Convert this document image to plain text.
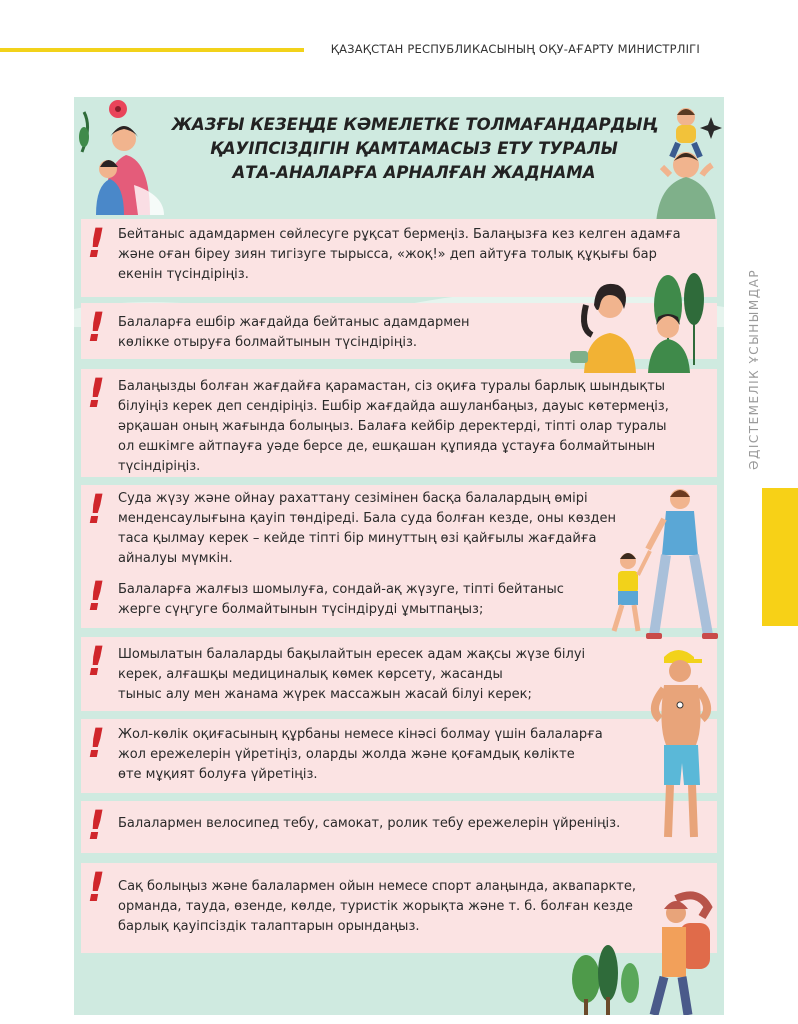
ҚАЗАҚСТАН РЕСПУБЛИКАСЫНЫҢ ОҚУ-АҒАРТУ МИНИСТРЛІГІ
ӘДІСТЕМЕЛІК ҰСЫНЫМДАР
ЖАЗҒЫ КЕЗЕҢДЕ КӘМЕЛЕТКЕ ТОЛМАҒАНДАРДЫҢ
ҚАУІПСІЗДІГІН ҚАМТАМАСЫЗ ЕТУ ТУРАЛЫ
АТА-АНАЛАРҒА АРНАЛҒАН ЖАДНАМА
! Бейтаныс адамдармен сөйлесуге рұқсат бермеңіз. Балаңызға кез келген адамға
және оған біреу зиян тигізуге тырысса, «жоқ!» деп айтуға толық құқығы бар
екенін түсіндіріңіз.
! Балаларға ешбір жағдайда бейтаныс адамдармен
көлікке отыруға болмайтынын түсіндіріңіз.
! Балаңызды болған жағдайға қарамастан, сіз оқиға туралы барлық шындықты
білуіңіз керек деп сендіріңіз. Ешбір жағдайда ашуланбаңыз, дауыс көтермеңіз,
әрқашан оның жағында болыңыз. Балаға кейбір деректерді, тіпті олар туралы
ол ешкімге айтпауға уәде берсе де, ешқашан құпияда ұстауға болмайтынын
түсіндіріңіз.
! Суда жүзу және ойнау рахаттану сезімінен басқа балалардың өмірі
менденсаулығына қауіп төндіреді. Бала суда болған кезде, оны көзден
таса қылмау керек – кейде тіпті бір минуттың өзі қайғылы жағдайға
айналуы мүмкін.
! Балаларға жалғыз шомылуға, сондай-ақ жүзуге, тіпті бейтаныс
жерге сүңгуге болмайтынын түсіндіруді ұмытпаңыз;
! Шомылатын балаларды бақылайтын ересек адам жақсы жүзе білуі
керек, алғашқы медициналық көмек көрсету, жасанды
тыныс алу мен жанама жүрек массажын жасай білуі керек;
! Жол-көлік оқиғасының құрбаны немесе кінәсі болмау үшін балаларға
жол ережелерін үйретіңіз, оларды жолда және қоғамдық көлікте
өте мұқият болуға үйретіңіз.
! Балалармен велосипед тебу, самокат, ролик тебу ережелерін үйреніңіз.
! Сақ болыңыз және балалармен ойын немесе спорт алаңында, аквапаркте,
орманда, тауда, өзенде, көлде, туристік жорықта және т. б. болған кезде
барлық қауіпсіздік талаптарын орындаңыз.
